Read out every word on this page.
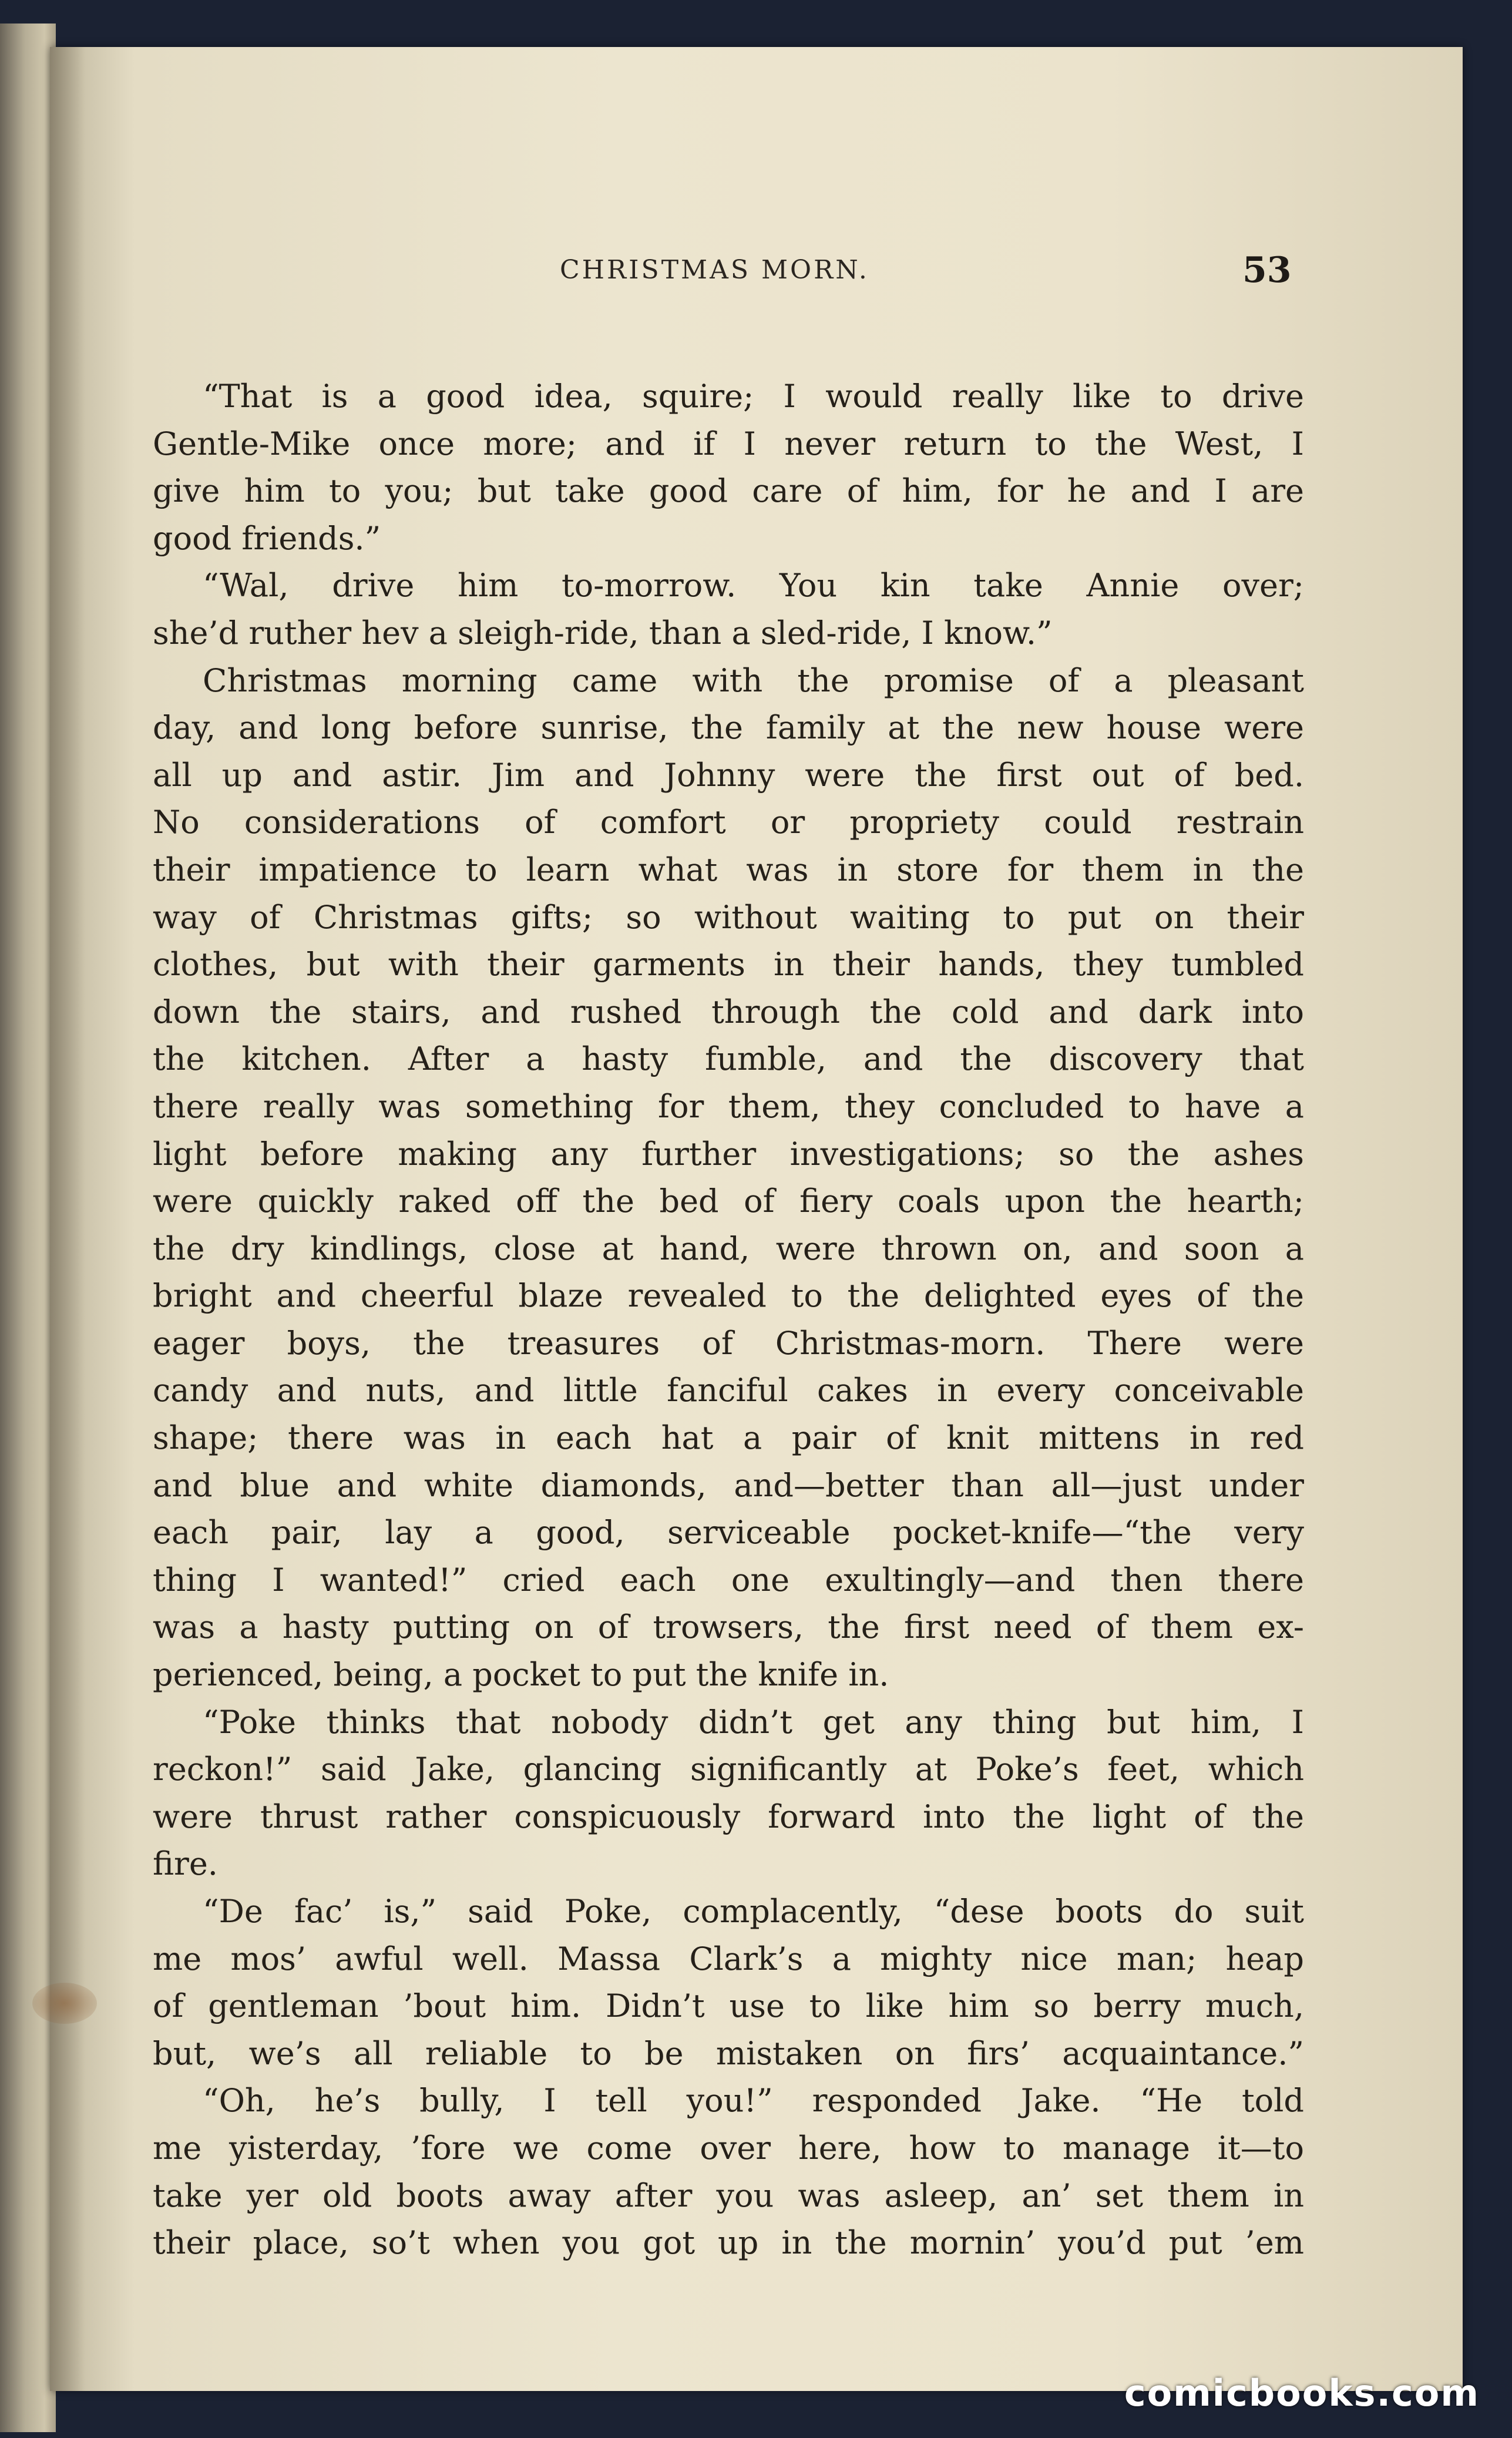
CHRISTMAS MORN.	53
“That is a good idea, squire; I would really like to drive
Gentle-Mike once more; and if I never return to the West, I
give him to you; but take good care of him, for he and I are
good friends.”
“Wal, drive him to-morrow. You kin take Annie over;
she’d ruther hev a sleigh-ride, than a sled-ride, I know.”
Christmas morning came with the promise of a pleasant
day, and long before sunrise, the family at the new house were
all up and astir. Jim and Johnny were the first out of bed.
No considerations of comfort or propriety could restrain
their impatience to learn what was in store for them in the
way of Christmas gifts; so without waiting to put on their
clothes, but with their garments in their hands, they tumbled
down the stairs, and rushed through the cold and dark into
the kitchen. After a hasty fumble, and the discovery that
there really was something for them, they concluded to have a
light before making any further investigations; so the ashes
were quickly raked off the bed of fiery coals upon the hearth;
the dry kindlings, close at hand, were thrown on, and soon a
bright and cheerful blaze revealed to the delighted eyes of the
eager boys, the treasures of Christmas-morn. There were
candy and nuts, and little fanciful cakes in every conceivable
shape; there was in each hat a pair of knit mittens in red
and blue and white diamonds, and—better than all—just under
each pair, lay a good, serviceable pocket-knife—“the very
thing I wanted!” cried each one exultingly—and then there
was a hasty putting on of trowsers, the first need of them ex-
perienced, being, a pocket to put the knife in.
“Poke thinks that nobody didn’t get any thing but him, I
reckon!” said Jake, glancing significantly at Poke’s feet, which
were thrust rather conspicuously forward into the light of the
fire.
“De fac’ is,” said Poke, complacently, “dese boots do suit
me mos’ awful well. Massa Clark’s a mighty nice man; heap
of gentleman ’bout him. Didn’t use to like him so berry much,
but, we’s all reliable to be mistaken on firs’ acquaintance.”
“Oh, he’s bully, I tell you!” responded Jake. “He told
me yisterday, ’fore we come over here, how to manage it—to
take yer old boots away after you was asleep, an’ set them in
their place, so’t when you got up in the mornin’ you’d put ’em
comicbooks.com
